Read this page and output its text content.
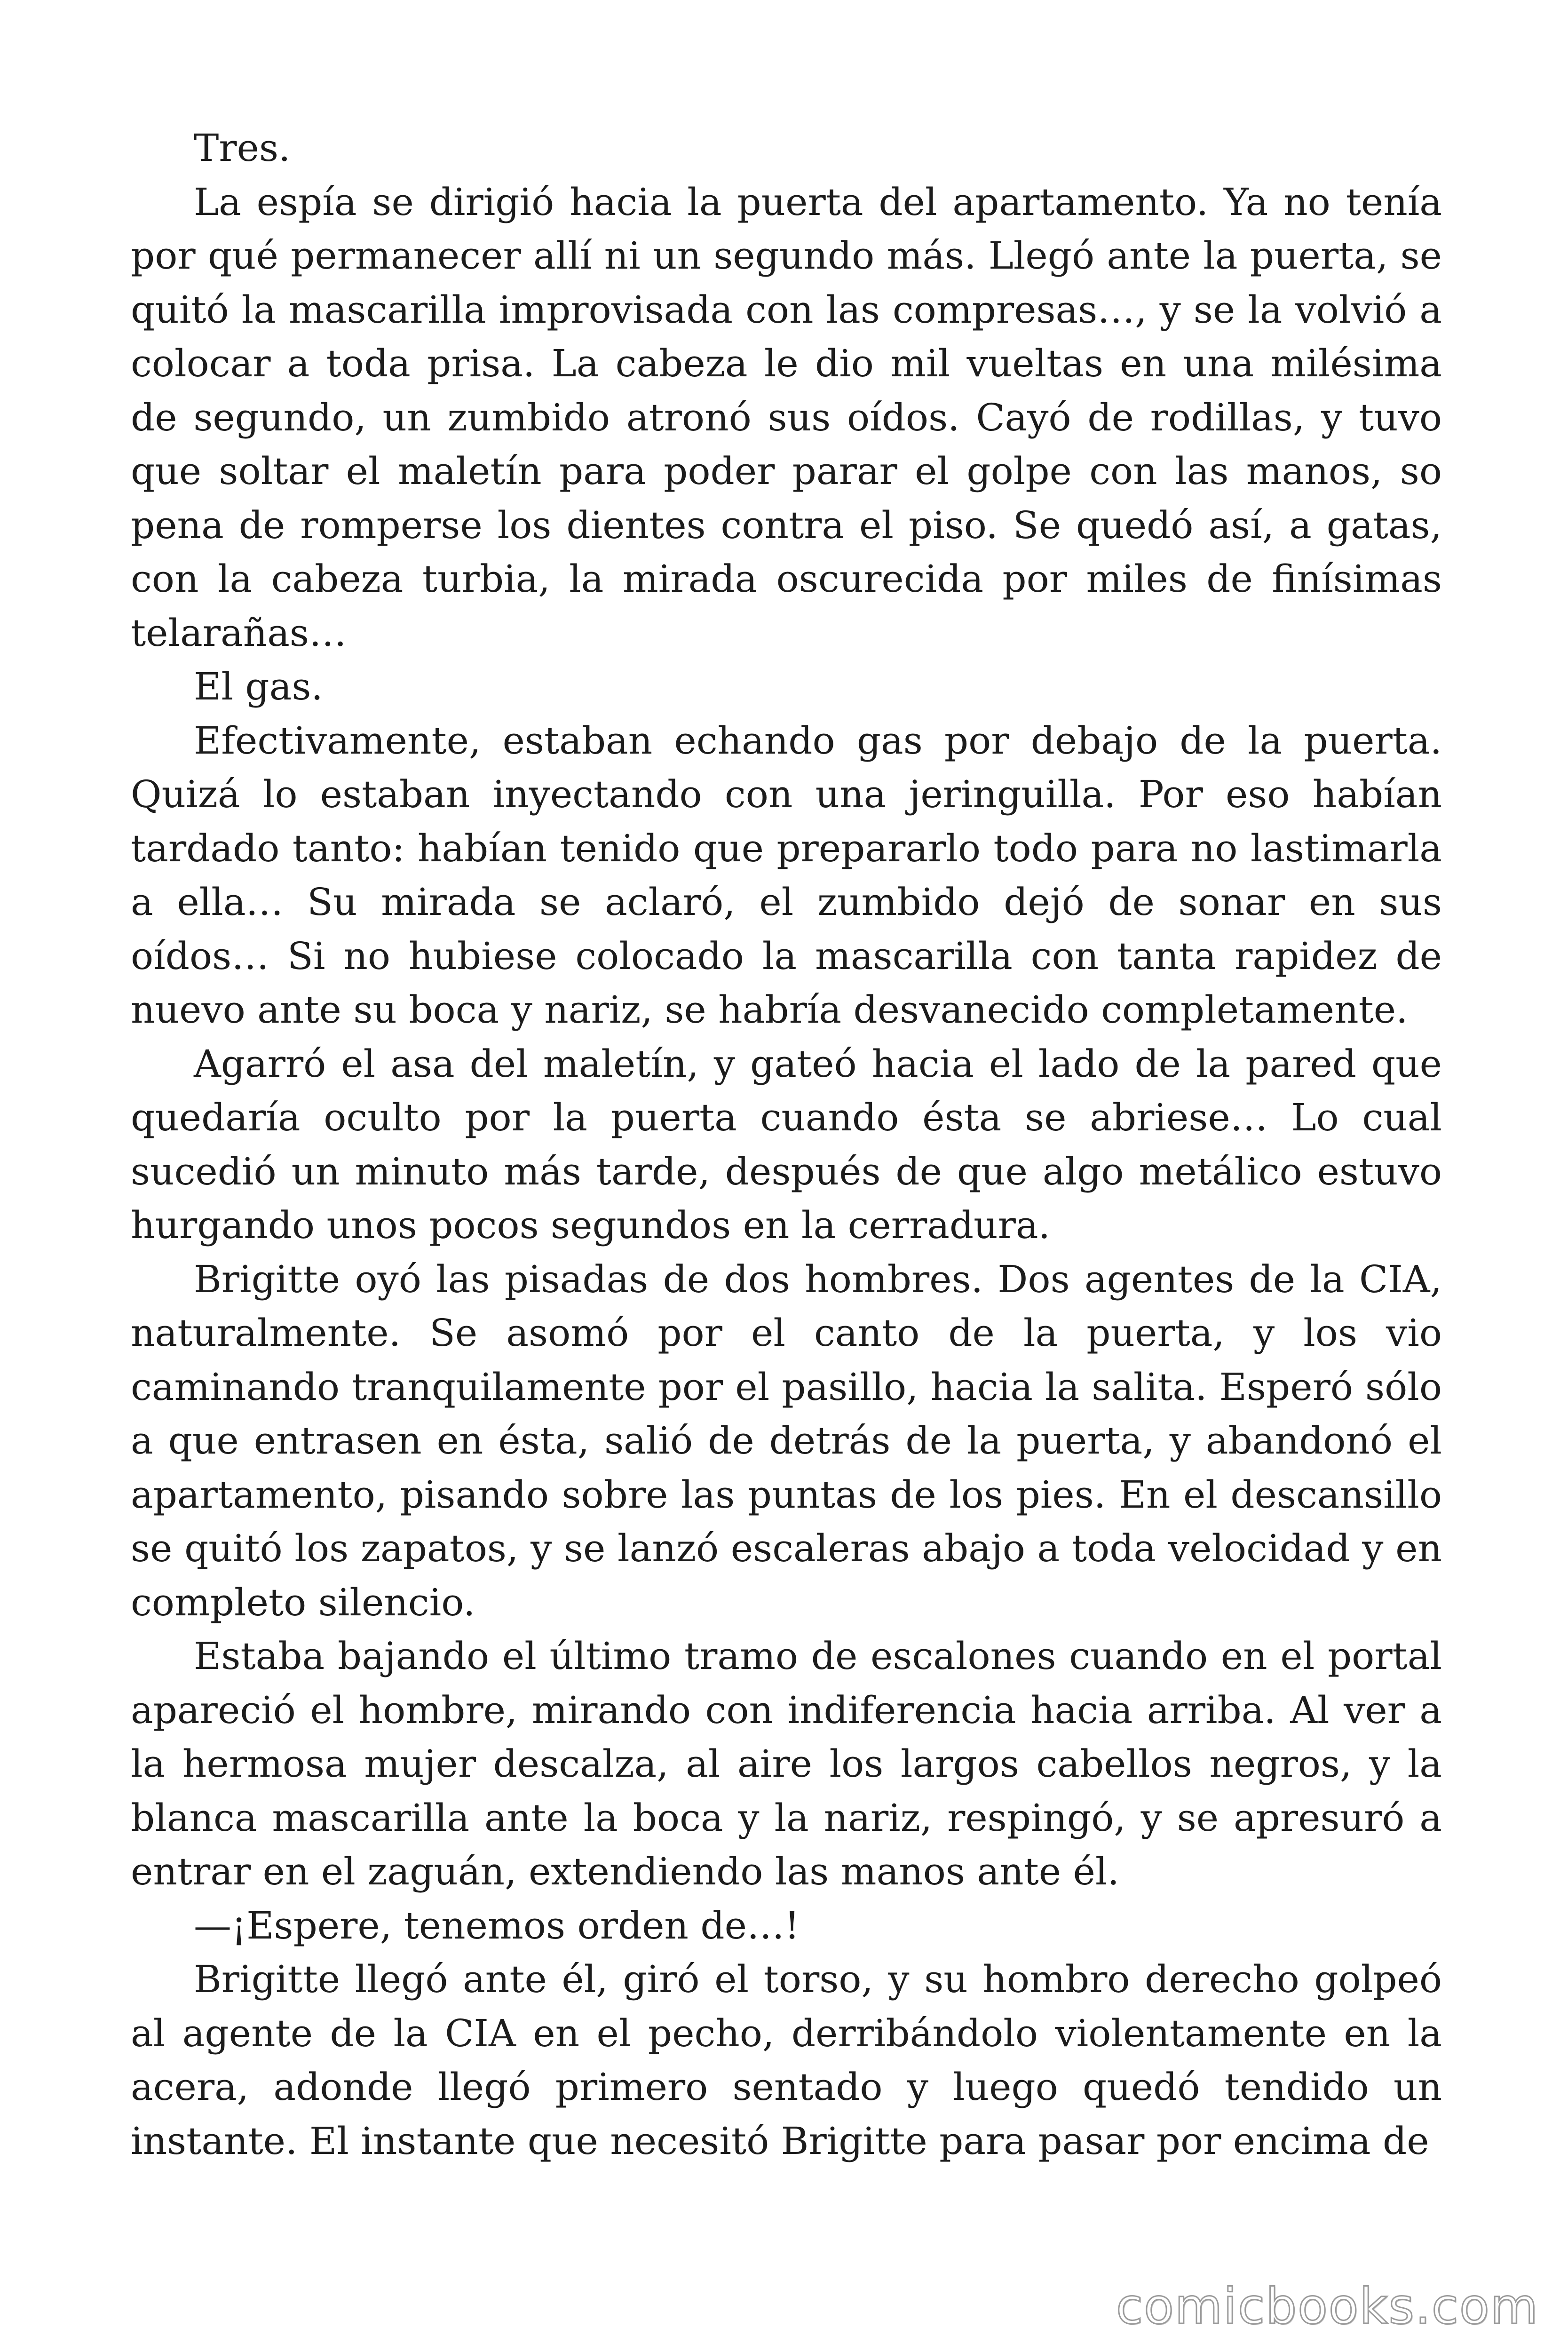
Tres.

La espía se dirigió hacia la puerta del apartamento. Ya no tenía por qué permanecer allí ni un segundo más. Llegó ante la puerta, se quitó la mascarilla improvisada con las compresas…, y se la volvió a colocar a toda prisa. La cabeza le dio mil vueltas en una milésima de segundo, un zumbido atronó sus oídos. Cayó de rodillas, y tuvo que soltar el maletín para poder parar el golpe con las manos, so pena de romperse los dientes contra el piso. Se quedó así, a gatas, con la cabeza turbia, la mirada oscurecida por miles de finísimas telarañas…

El gas.

Efectivamente, estaban echando gas por debajo de la puerta. Quizá lo estaban inyectando con una jeringuilla. Por eso habían tardado tanto: habían tenido que prepararlo todo para no lastimarla a ella… Su mirada se aclaró, el zumbido dejó de sonar en sus oídos… Si no hubiese colocado la mascarilla con tanta rapidez de nuevo ante su boca y nariz, se habría desvanecido completamente.

Agarró el asa del maletín, y gateó hacia el lado de la pared que quedaría oculto por la puerta cuando ésta se abriese… Lo cual sucedió un minuto más tarde, después de que algo metálico estuvo hurgando unos pocos segundos en la cerradura.

Brigitte oyó las pisadas de dos hombres. Dos agentes de la CIA, naturalmente. Se asomó por el canto de la puerta, y los vio caminando tranquilamente por el pasillo, hacia la salita. Esperó sólo a que entrasen en ésta, salió de detrás de la puerta, y abandonó el apartamento, pisando sobre las puntas de los pies. En el descansillo se quitó los zapatos, y se lanzó escaleras abajo a toda velocidad y en completo silencio.

Estaba bajando el último tramo de escalones cuando en el portal apareció el hombre, mirando con indiferencia hacia arriba. Al ver a la hermosa mujer descalza, al aire los largos cabellos negros, y la blanca mascarilla ante la boca y la nariz, respingó, y se apresuró a entrar en el zaguán, extendiendo las manos ante él.

—¡Espere, tenemos orden de…!

Brigitte llegó ante él, giró el torso, y su hombro derecho golpeó al agente de la CIA en el pecho, derribándolo violentamente en la acera, adonde llegó primero sentado y luego quedó tendido un instante. El instante que necesitó Brigitte para pasar por encima de

comicbooks.com
